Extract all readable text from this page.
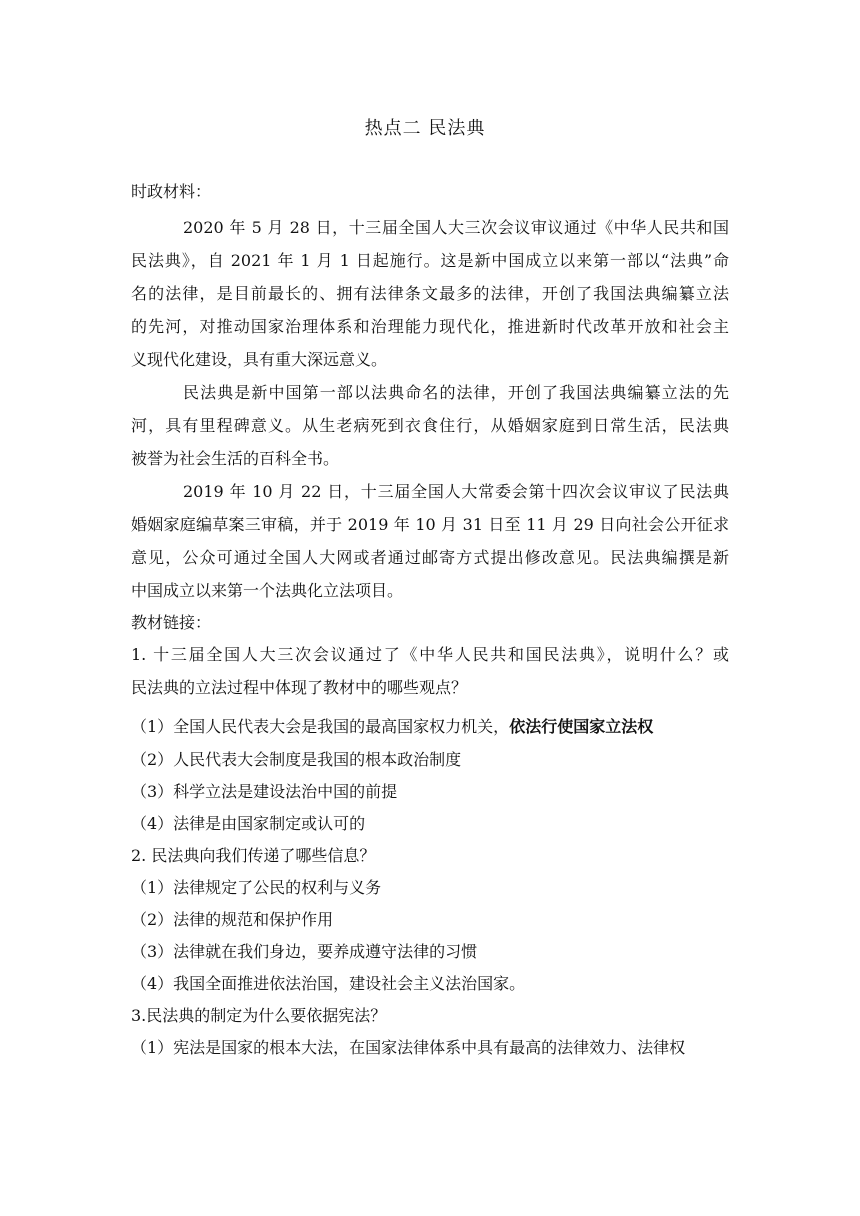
热点二 民法典
时政材料：
2020 年 5 月 28 日，十三届全国人大三次会议审议通过《中华人民共和国
民法典》，自 2021 年 1 月 1 日起施行。这是新中国成立以来第一部以“法典”命
名的法律，是目前最长的、拥有法律条文最多的法律，开创了我国法典编纂立法
的先河，对推动国家治理体系和治理能力现代化，推进新时代改革开放和社会主
义现代化建设，具有重大深远意义。
民法典是新中国第一部以法典命名的法律，开创了我国法典编纂立法的先
河，具有里程碑意义。从生老病死到衣食住行，从婚姻家庭到日常生活，民法典
被誉为社会生活的百科全书。
2019 年 10 月 22 日，十三届全国人大常委会第十四次会议审议了民法典
婚姻家庭编草案三审稿，并于 2019 年 10 月 31 日至 11 月 29 日向社会公开征求
意见，公众可通过全国人大网或者通过邮寄方式提出修改意见。民法典编撰是新
中国成立以来第一个法典化立法项目。
教材链接：
1. 十三届全国人大三次会议通过了《中华人民共和国民法典》，说明什么？或
民法典的立法过程中体现了教材中的哪些观点？
（1）全国人民代表大会是我国的最高国家权力机关，依法行使国家立法权
（2）人民代表大会制度是我国的根本政治制度
（3）科学立法是建设法治中国的前提
（4）法律是由国家制定或认可的
2. 民法典向我们传递了哪些信息？
（1）法律规定了公民的权利与义务
（2）法律的规范和保护作用
（3）法律就在我们身边，要养成遵守法律的习惯
（4）我国全面推进依法治国，建设社会主义法治国家。
3.民法典的制定为什么要依据宪法？
（1）宪法是国家的根本大法，在国家法律体系中具有最高的法律效力、法律权
